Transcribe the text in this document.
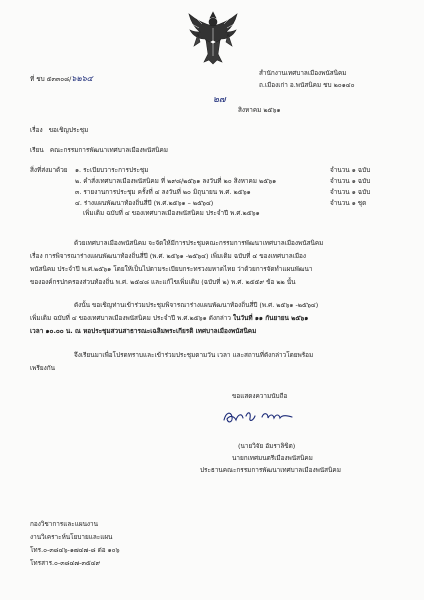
ที่ ชบ ๕๓๓๐๘/๖๒๖๔
สำนักงานเทศบาลเมืองพนัสนิคม
ถ.เมืองเก่า อ.พนัสนิคม ชบ ๒๐๑๔๐
๒๗
สิงหาคม ๒๕๖๑
เรื่อง ขอเชิญประชุม
เรียน คณะกรรมการพัฒนาเทศบาลเมืองพนัสนิคม
สิ่งที่ส่งมาด้วย ๑. ระเบียบวาระการประชุม	จำนวน ๑ ฉบับ
๒. คำสั่งเทศบาลเมืองพนัสนิคม ที่ ๒๙๘/๒๕๖๑ ลงวันที่ ๒๐ สิงหาคม ๒๕๖๑	จำนวน ๑ ฉบับ
๓. รายงานการประชุม ครั้งที่ ๔ ลงวันที่ ๒๐ มิถุนายน พ.ศ. ๒๕๖๑	จำนวน ๑ ฉบับ
๔. ร่างแผนพัฒนาท้องถิ่นสี่ปี (พ.ศ.๒๕๖๑ – ๒๕๖๔)	จำนวน ๑ ชุด
เพิ่มเติม ฉบับที่ ๔ ของเทศบาลเมืองพนัสนิคม ประจำปี พ.ศ.๒๕๖๑
ด้วยเทศบาลเมืองพนัสนิคม จะจัดให้มีการประชุมคณะกรรมการพัฒนาเทศบาลเมืองพนัสนิคม
เรื่อง การพิจารณาร่างแผนพัฒนาท้องถิ่นสี่ปี (พ.ศ. ๒๕๖๑ -๒๕๖๔) เพิ่มเติม ฉบับที่ ๔ ของเทศบาลเมือง
พนัสนิคม ประจำปี พ.ศ.๒๕๖๑ โดยให้เป็นไปตามระเบียบกระทรวงมหาดไทย ว่าด้วยการจัดทำแผนพัฒนา
ขององค์กรปกครองส่วนท้องถิ่น พ.ศ. ๒๕๔๘ และแก้ไขเพิ่มเติม (ฉบับที่ ๒) พ.ศ. ๒๕๕๙ ข้อ ๒๒ นั้น
ดังนั้น ขอเชิญท่านเข้าร่วมประชุมพิจารณาร่างแผนพัฒนาท้องถิ่นสี่ปี (พ.ศ. ๒๕๖๑ -๒๕๖๔)
เพิ่มเติม ฉบับที่ ๔ ของเทศบาลเมืองพนัสนิคม ประจำปี พ.ศ.๒๕๖๑ ดังกล่าว ในวันที่ ๑๑ กันยายน ๒๕๖๑
เวลา ๑๐.๐๐ น. ณ หอประชุมสวนสาธารณะเฉลิมพระเกียรติ เทศบาลเมืองพนัสนิคม
จึงเรียนมาเพื่อโปรดทราบและเข้าร่วมประชุมตามวัน เวลา และสถานที่ดังกล่าวโดยพร้อม
เพรียงกัน
ขอแสดงความนับถือ
(นายวิจัย อัมราลิขิต)
นายกเทศมนตรีเมืองพนัสนิคม
ประธานคณะกรรมการพัฒนาเทศบาลเมืองพนัสนิคม
กองวิชาการและแผนงาน
งานวิเคราะห์นโยบายและแผน
โทร.๐-๓๘๔๖-๑๗๔๗-๘ ต่อ ๑๐๖
โทรสาร.๐-๓๘๔๗-๓๕๔๙
